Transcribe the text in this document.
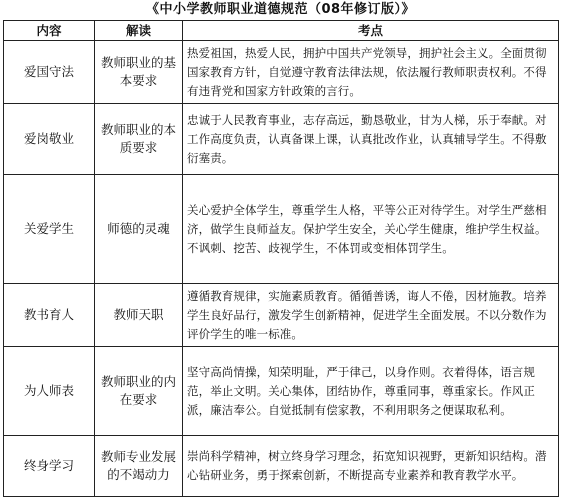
《中小学教师职业道德规范（08年修订版）》
内容	解读	考点
爱国守法	教师职业的基本要求	热爱祖国，热爱人民，拥护中国共产党领导，拥护社会主义。全面贯彻国家教育方针，自觉遵守教育法律法规，依法履行教师职责权利。不得有违背党和国家方针政策的言行。
爱岗敬业	教师职业的本质要求	忠诚于人民教育事业，志存高远，勤恳敬业，甘为人梯，乐于奉献。对工作高度负责，认真备课上课，认真批改作业，认真辅导学生。不得敷衍塞责。
关爱学生	师德的灵魂	关心爱护全体学生，尊重学生人格，平等公正对待学生。对学生严慈相济，做学生良师益友。保护学生安全，关心学生健康，维护学生权益。不讽刺、挖苦、歧视学生，不体罚或变相体罚学生。
教书育人	教师天职	遵循教育规律，实施素质教育。循循善诱，诲人不倦，因材施教。培养学生良好品行，激发学生创新精神，促进学生全面发展。不以分数作为评价学生的唯一标准。
为人师表	教师职业的内在要求	坚守高尚情操，知荣明耻，严于律己，以身作则。衣着得体，语言规范，举止文明。关心集体，团结协作，尊重同事，尊重家长。作风正派，廉洁奉公。自觉抵制有偿家教，不利用职务之便谋取私利。
终身学习	教师专业发展的不竭动力	崇尚科学精神，树立终身学习理念，拓宽知识视野，更新知识结构。潜心钻研业务，勇于探索创新，不断提高专业素养和教育教学水平。
